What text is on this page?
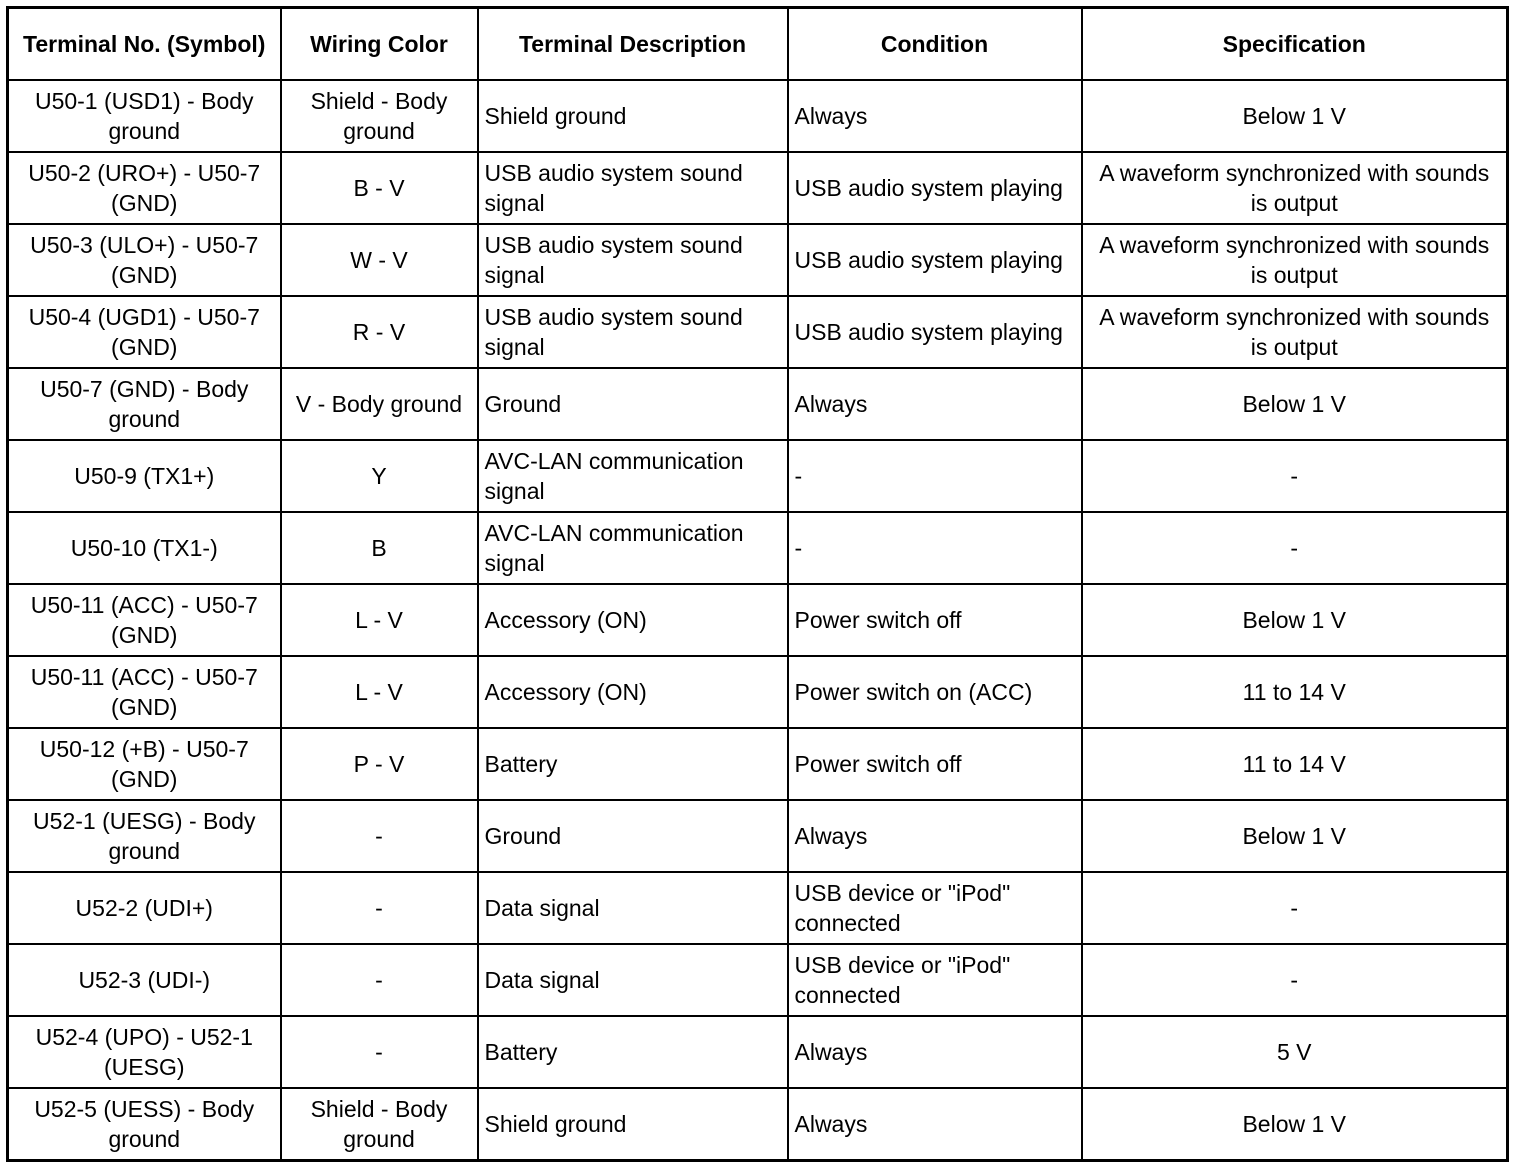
Terminal No. (Symbol)	Wiring Color	Terminal Description	Condition	Specification
U50-1 (USD1) - Body ground	Shield - Body ground	Shield ground	Always	Below 1 V
U50-2 (URO+) - U50-7 (GND)	B - V	USB audio system sound signal	USB audio system playing	A waveform synchronized with sounds is output
U50-3 (ULO+) - U50-7 (GND)	W - V	USB audio system sound signal	USB audio system playing	A waveform synchronized with sounds is output
U50-4 (UGD1) - U50-7 (GND)	R - V	USB audio system sound signal	USB audio system playing	A waveform synchronized with sounds is output
U50-7 (GND) - Body ground	V - Body ground	Ground	Always	Below 1 V
U50-9 (TX1+)	Y	AVC-LAN communication signal	-	-
U50-10 (TX1-)	B	AVC-LAN communication signal	-	-
U50-11 (ACC) - U50-7 (GND)	L - V	Accessory (ON)	Power switch off	Below 1 V
U50-11 (ACC) - U50-7 (GND)	L - V	Accessory (ON)	Power switch on (ACC)	11 to 14 V
U50-12 (+B) - U50-7 (GND)	P - V	Battery	Power switch off	11 to 14 V
U52-1 (UESG) - Body ground	-	Ground	Always	Below 1 V
U52-2 (UDI+)	-	Data signal	USB device or "iPod" connected	-
U52-3 (UDI-)	-	Data signal	USB device or "iPod" connected	-
U52-4 (UPO) - U52-1 (UESG)	-	Battery	Always	5 V
U52-5 (UESS) - Body ground	Shield - Body ground	Shield ground	Always	Below 1 V
